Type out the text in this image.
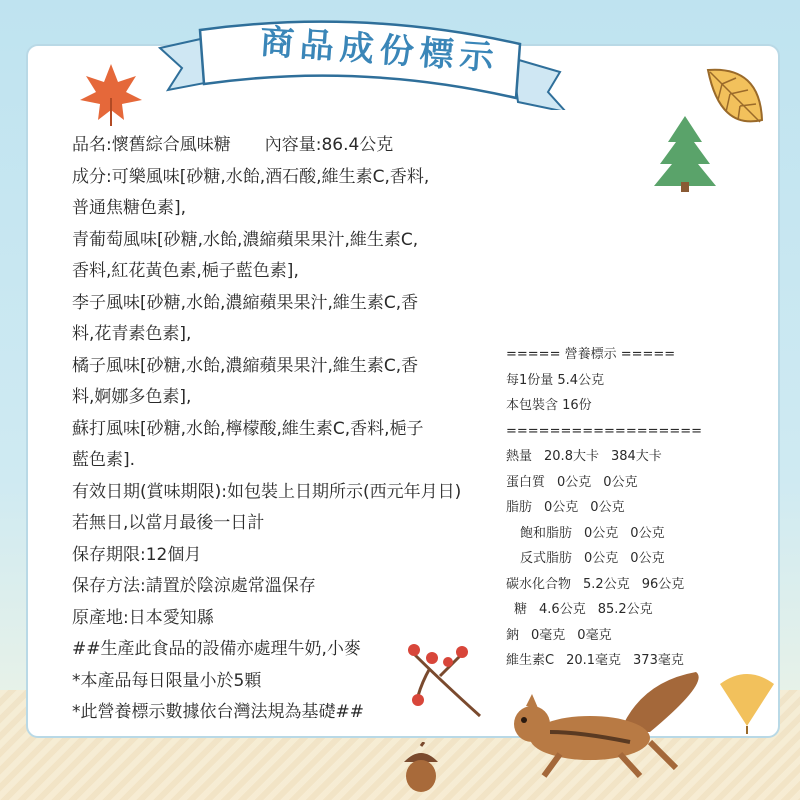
商品成份標示
品名:懷舊綜合風味糖　　內容量:86.4公克
成分:可樂風味[砂糖,水飴,酒石酸,維生素C,香料,
普通焦糖色素],
青葡萄風味[砂糖,水飴,濃縮蘋果果汁,維生素C,
香料,紅花黃色素,梔子藍色素],
李子風味[砂糖,水飴,濃縮蘋果果汁,維生素C,香
料,花青素色素],
橘子風味[砂糖,水飴,濃縮蘋果果汁,維生素C,香
料,婀娜多色素],
蘇打風味[砂糖,水飴,檸檬酸,維生素C,香料,梔子
藍色素].
有效日期(賞味期限):如包裝上日期所示(西元年月日)
若無日,以當月最後一日計
保存期限:12個月
保存方法:請置於陰涼處常溫保存
原產地:日本愛知縣
##生產此食品的設備亦處理牛奶,小麥
*本產品每日限量小於5顆
*此營養標示數據依台灣法規為基礎##
===== 營養標示 =====
每1份量 5.4公克
本包裝含 16份
==================
熱量 20.8大卡 384大卡
蛋白質 0公克 0公克
脂肪 0公克 0公克
飽和脂肪 0公克 0公克
反式脂肪 0公克 0公克
碳水化合物 5.2公克 96公克
糖 4.6公克 85.2公克
鈉 0毫克 0毫克
維生素C 20.1毫克 373毫克
